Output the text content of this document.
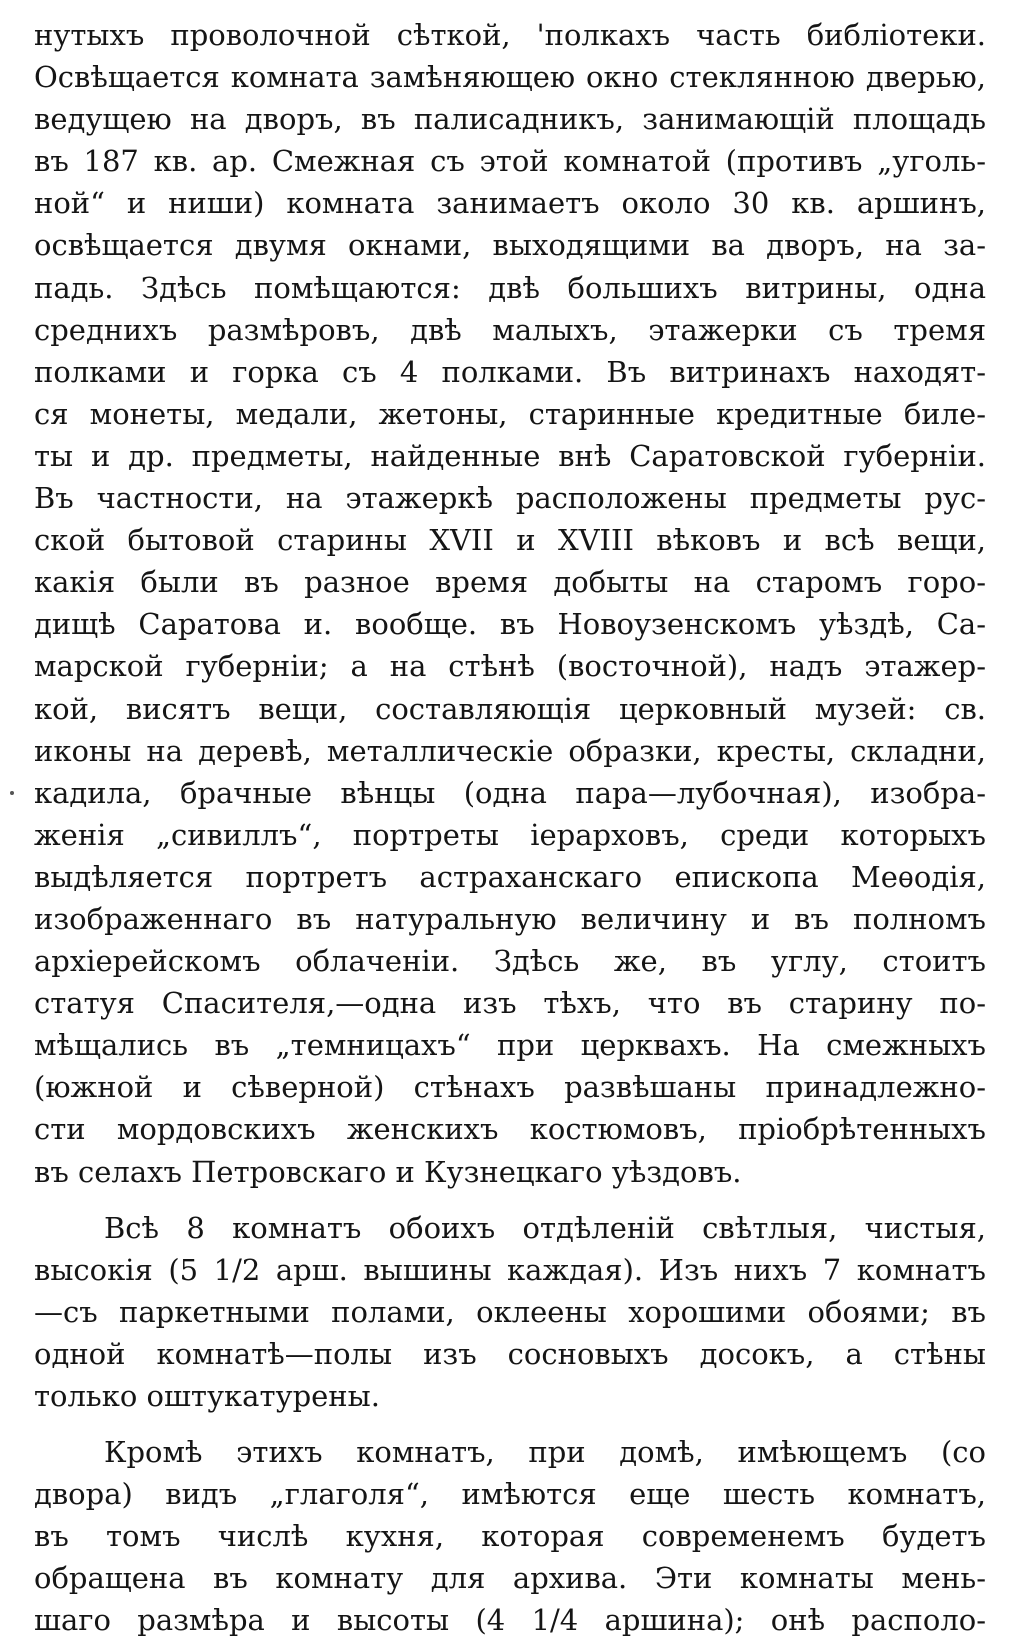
нутыхъ проволочной сѣткой, 'полкахъ часть библіотеки.
Освѣщается комната замѣняющею окно стеклянною дверью,
ведущею на дворъ, въ палисадникъ, занимающій площадь
въ 187 кв. ар. Смежная съ этой комнатой (противъ „уголь-
ной“ и ниши) комната занимаетъ около 30 кв. аршинъ,
освѣщается двумя окнами, выходящими ва дворъ, на за-
падь. Здѣсь помѣщаются: двѣ большихъ витрины, одна
среднихъ размѣровъ, двѣ малыхъ, этажерки съ тремя
полками и горка съ 4 полками. Въ витринахъ находят-
ся монеты, медали, жетоны, старинные кредитные биле-
ты и др. предметы, найденные внѣ Саратовской губерніи.
Въ частности, на этажеркѣ расположены предметы рус-
ской бытовой старины XVII и XVIII вѣковъ и всѣ вещи,
какія были въ разное время добыты на старомъ горо-
дищѣ Саратова и. вообще. въ Новоузенскомъ уѣздѣ, Са-
марской губерніи; а на стѣнѣ (восточной), надъ этажер-
кой, висятъ вещи, составляющія церковный музей: св.
иконы на деревѣ, металлическіе образки, кресты, складни,
кадила, брачные вѣнцы (одна пара—лубочная), изобра-
женія „сивиллъ“, портреты іерарховъ, среди которыхъ
выдѣляется портретъ астраханскаго епископа Меѳодія,
изображеннаго въ натуральную величину и въ полномъ
архіерейскомъ облаченіи. Здѣсь же, въ углу, стоитъ
статуя Спасителя,—одна изъ тѣхъ, что въ старину по-
мѣщались въ „темницахъ“ при церквахъ. На смежныхъ
(южной и сѣверной) стѣнахъ развѣшаны принадлежно-
сти мордовскихъ женскихъ костюмовъ, пріобрѣтенныхъ
въ селахъ Петровскаго и Кузнецкаго уѣздовъ.
Всѣ 8 комнатъ обоихъ отдѣленій свѣтлыя, чистыя,
высокія (5 1/2 арш. вышины каждая). Изъ нихъ 7 комнатъ
—съ паркетными полами, оклеены хорошими обоями; въ
одной комнатѣ—полы изъ сосновыхъ досокъ, а стѣны
только оштукатурены.
Кромѣ этихъ комнатъ, при домѣ, имѣющемъ (со
двора) видъ „глаголя“, имѣются еще шесть комнатъ,
въ томъ числѣ кухня, которая современемъ будетъ
обращена въ комнату для архива. Эти комнаты мень-
шаго размѣра и высоты (4 1/4 аршина); онѣ располо-
